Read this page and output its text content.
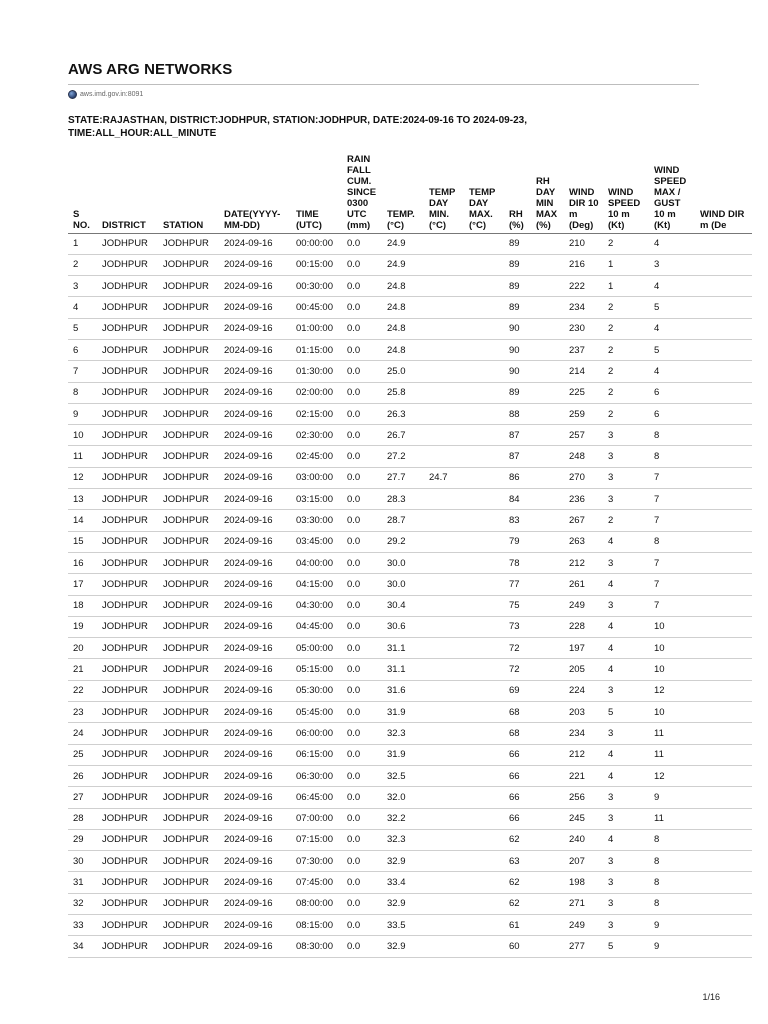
AWS ARG NETWORKS
aws.imd.gov.in:8091

STATE:RAJASTHAN, DISTRICT:JODHPUR, STATION:JODHPUR, DATE:2024-09-16 TO 2024-09-23,
TIME:ALL_HOUR:ALL_MINUTE

S NO.	DISTRICT	STATION	DATE(YYYY-MM-DD)	TIME (UTC)	RAIN FALL CUM. SINCE 0300 UTC (mm)	TEMP. (°C)	TEMP DAY MIN. (°C)	TEMP DAY MAX. (°C)	RH (%)	RH DAY MIN MAX (%)	WIND DIR 10 m (Deg)	WIND SPEED 10 m (Kt)	WIND SPEED MAX / GUST 10 m (Kt)	WIND DIR m (De
1	JODHPUR	JODHPUR	2024-09-16	00:00:00	0.0	24.9			89		210	2	4	
2	JODHPUR	JODHPUR	2024-09-16	00:15:00	0.0	24.9			89		216	1	3	
3	JODHPUR	JODHPUR	2024-09-16	00:30:00	0.0	24.8			89		222	1	4	
4	JODHPUR	JODHPUR	2024-09-16	00:45:00	0.0	24.8			89		234	2	5	
5	JODHPUR	JODHPUR	2024-09-16	01:00:00	0.0	24.8			90		230	2	4	
6	JODHPUR	JODHPUR	2024-09-16	01:15:00	0.0	24.8			90		237	2	5	
7	JODHPUR	JODHPUR	2024-09-16	01:30:00	0.0	25.0			90		214	2	4	
8	JODHPUR	JODHPUR	2024-09-16	02:00:00	0.0	25.8			89		225	2	6	
9	JODHPUR	JODHPUR	2024-09-16	02:15:00	0.0	26.3			88		259	2	6	
10	JODHPUR	JODHPUR	2024-09-16	02:30:00	0.0	26.7			87		257	3	8	
11	JODHPUR	JODHPUR	2024-09-16	02:45:00	0.0	27.2			87		248	3	8	
12	JODHPUR	JODHPUR	2024-09-16	03:00:00	0.0	27.7	24.7		86		270	3	7	
13	JODHPUR	JODHPUR	2024-09-16	03:15:00	0.0	28.3			84		236	3	7	
14	JODHPUR	JODHPUR	2024-09-16	03:30:00	0.0	28.7			83		267	2	7	
15	JODHPUR	JODHPUR	2024-09-16	03:45:00	0.0	29.2			79		263	4	8	
16	JODHPUR	JODHPUR	2024-09-16	04:00:00	0.0	30.0			78		212	3	7	
17	JODHPUR	JODHPUR	2024-09-16	04:15:00	0.0	30.0			77		261	4	7	
18	JODHPUR	JODHPUR	2024-09-16	04:30:00	0.0	30.4			75		249	3	7	
19	JODHPUR	JODHPUR	2024-09-16	04:45:00	0.0	30.6			73		228	4	10	
20	JODHPUR	JODHPUR	2024-09-16	05:00:00	0.0	31.1			72		197	4	10	
21	JODHPUR	JODHPUR	2024-09-16	05:15:00	0.0	31.1			72		205	4	10	
22	JODHPUR	JODHPUR	2024-09-16	05:30:00	0.0	31.6			69		224	3	12	
23	JODHPUR	JODHPUR	2024-09-16	05:45:00	0.0	31.9			68		203	5	10	
24	JODHPUR	JODHPUR	2024-09-16	06:00:00	0.0	32.3			68		234	3	11	
25	JODHPUR	JODHPUR	2024-09-16	06:15:00	0.0	31.9			66		212	4	11	
26	JODHPUR	JODHPUR	2024-09-16	06:30:00	0.0	32.5			66		221	4	12	
27	JODHPUR	JODHPUR	2024-09-16	06:45:00	0.0	32.0			66		256	3	9	
28	JODHPUR	JODHPUR	2024-09-16	07:00:00	0.0	32.2			66		245	3	11	
29	JODHPUR	JODHPUR	2024-09-16	07:15:00	0.0	32.3			62		240	4	8	
30	JODHPUR	JODHPUR	2024-09-16	07:30:00	0.0	32.9			63		207	3	8	
31	JODHPUR	JODHPUR	2024-09-16	07:45:00	0.0	33.4			62		198	3	8	
32	JODHPUR	JODHPUR	2024-09-16	08:00:00	0.0	32.9			62		271	3	8	
33	JODHPUR	JODHPUR	2024-09-16	08:15:00	0.0	33.5			61		249	3	9	
34	JODHPUR	JODHPUR	2024-09-16	08:30:00	0.0	32.9			60		277	5	9	
1/16
